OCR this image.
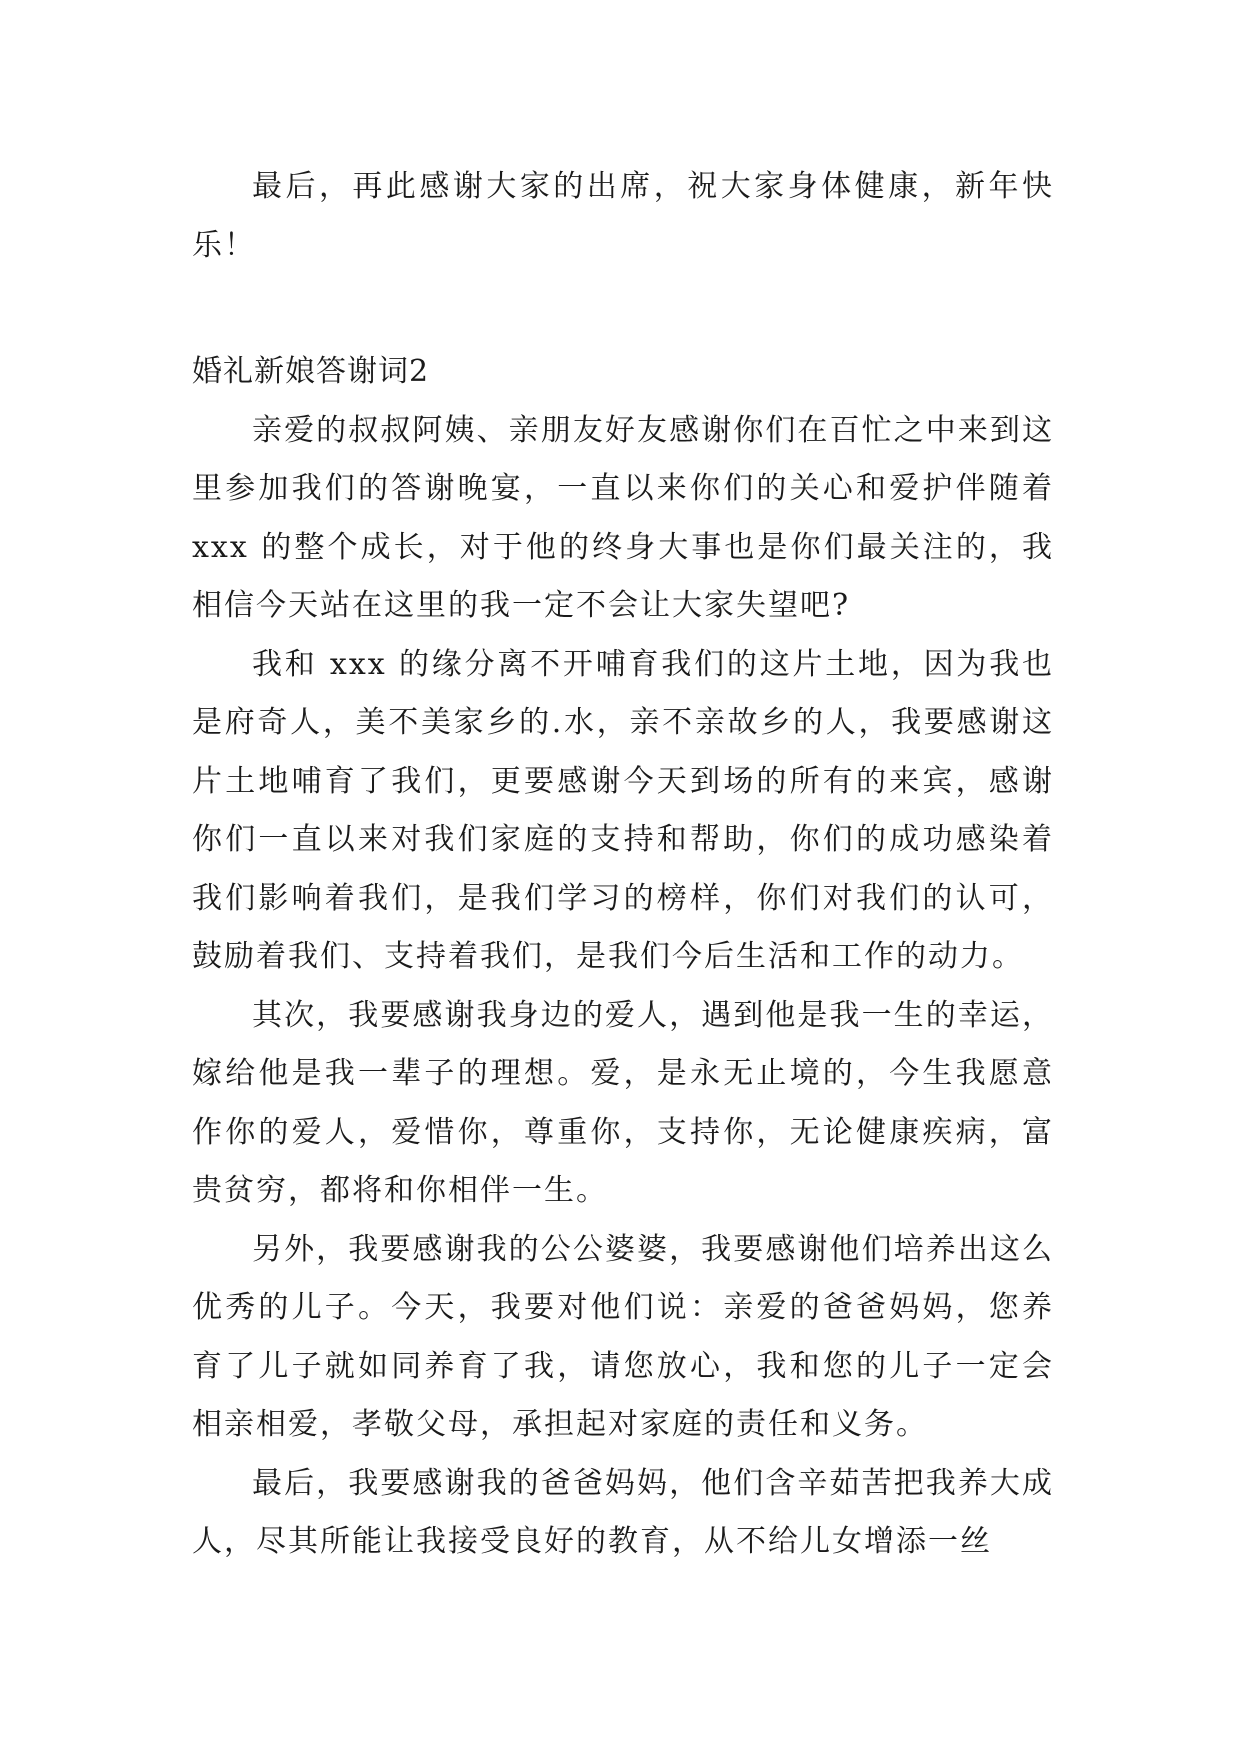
最后，再此感谢大家的出席，祝大家身体健康，新年快乐！

婚礼新娘答谢词2

亲爱的叔叔阿姨、亲朋友好友感谢你们在百忙之中来到这里参加我们的答谢晚宴，一直以来你们的关心和爱护伴随着 xxx 的整个成长，对于他的终身大事也是你们最关注的，我相信今天站在这里的我一定不会让大家失望吧?

我和 xxx 的缘分离不开哺育我们的这片土地，因为我也是府奇人，美不美家乡的.水，亲不亲故乡的人，我要感谢这片土地哺育了我们，更要感谢今天到场的所有的来宾，感谢你们一直以来对我们家庭的支持和帮助，你们的成功感染着我们影响着我们，是我们学习的榜样，你们对我们的认可，鼓励着我们、支持着我们，是我们今后生活和工作的动力。

其次，我要感谢我身边的爱人，遇到他是我一生的幸运，嫁给他是我一辈子的理想。爱，是永无止境的，今生我愿意作你的爱人，爱惜你，尊重你，支持你，无论健康疾病，富贵贫穷，都将和你相伴一生。

另外，我要感谢我的公公婆婆，我要感谢他们培养出这么优秀的儿子。今天，我要对他们说：亲爱的爸爸妈妈，您养育了儿子就如同养育了我，请您放心，我和您的儿子一定会相亲相爱，孝敬父母，承担起对家庭的责任和义务。

最后，我要感谢我的爸爸妈妈，他们含辛茹苦把我养大成人，尽其所能让我接受良好的教育，从不给儿女增添一丝
